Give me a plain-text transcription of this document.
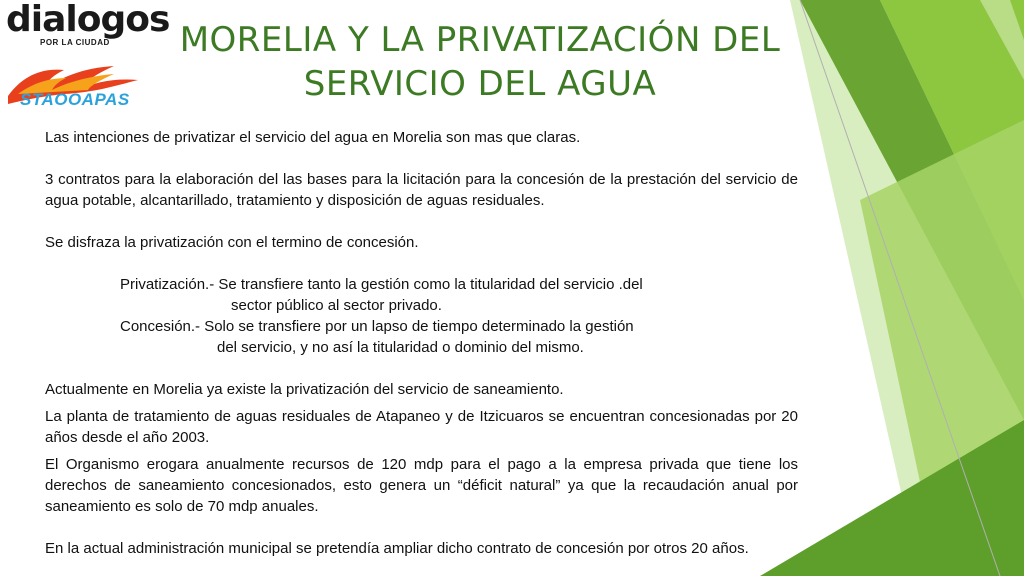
dialogos
POR LA CIUDAD
STAOOAPAS
MORELIA Y LA PRIVATIZACIÓN DEL
SERVICIO DEL AGUA

Las intenciones de privatizar el servicio del agua en Morelia son mas que claras.

3 contratos para la elaboración del las bases para la licitación para la concesión de la prestación del servicio de agua potable, alcantarillado, tratamiento y disposición de aguas residuales.

Se disfraza la privatización con el termino de concesión.

Privatización.- Se transfiere tanto la gestión como la titularidad del servicio .del

sector público al sector privado.

Concesión.- Solo se transfiere por un lapso de tiempo determinado la gestión

del servicio, y no así la titularidad o dominio del mismo.

Actualmente en Morelia ya existe la privatización del servicio de saneamiento.

La planta de tratamiento de aguas residuales de Atapaneo y de Itzicuaros se encuentran concesionadas por 20 años desde el año 2003.

El Organismo erogara anualmente recursos de 120 mdp para el pago a la empresa privada que tiene los derechos de saneamiento concesionados, esto genera un “déficit natural” ya que la recaudación anual por saneamiento es solo de 70 mdp anuales.

En la actual administración municipal se pretendía ampliar dicho contrato de concesión por otros 20 años.
